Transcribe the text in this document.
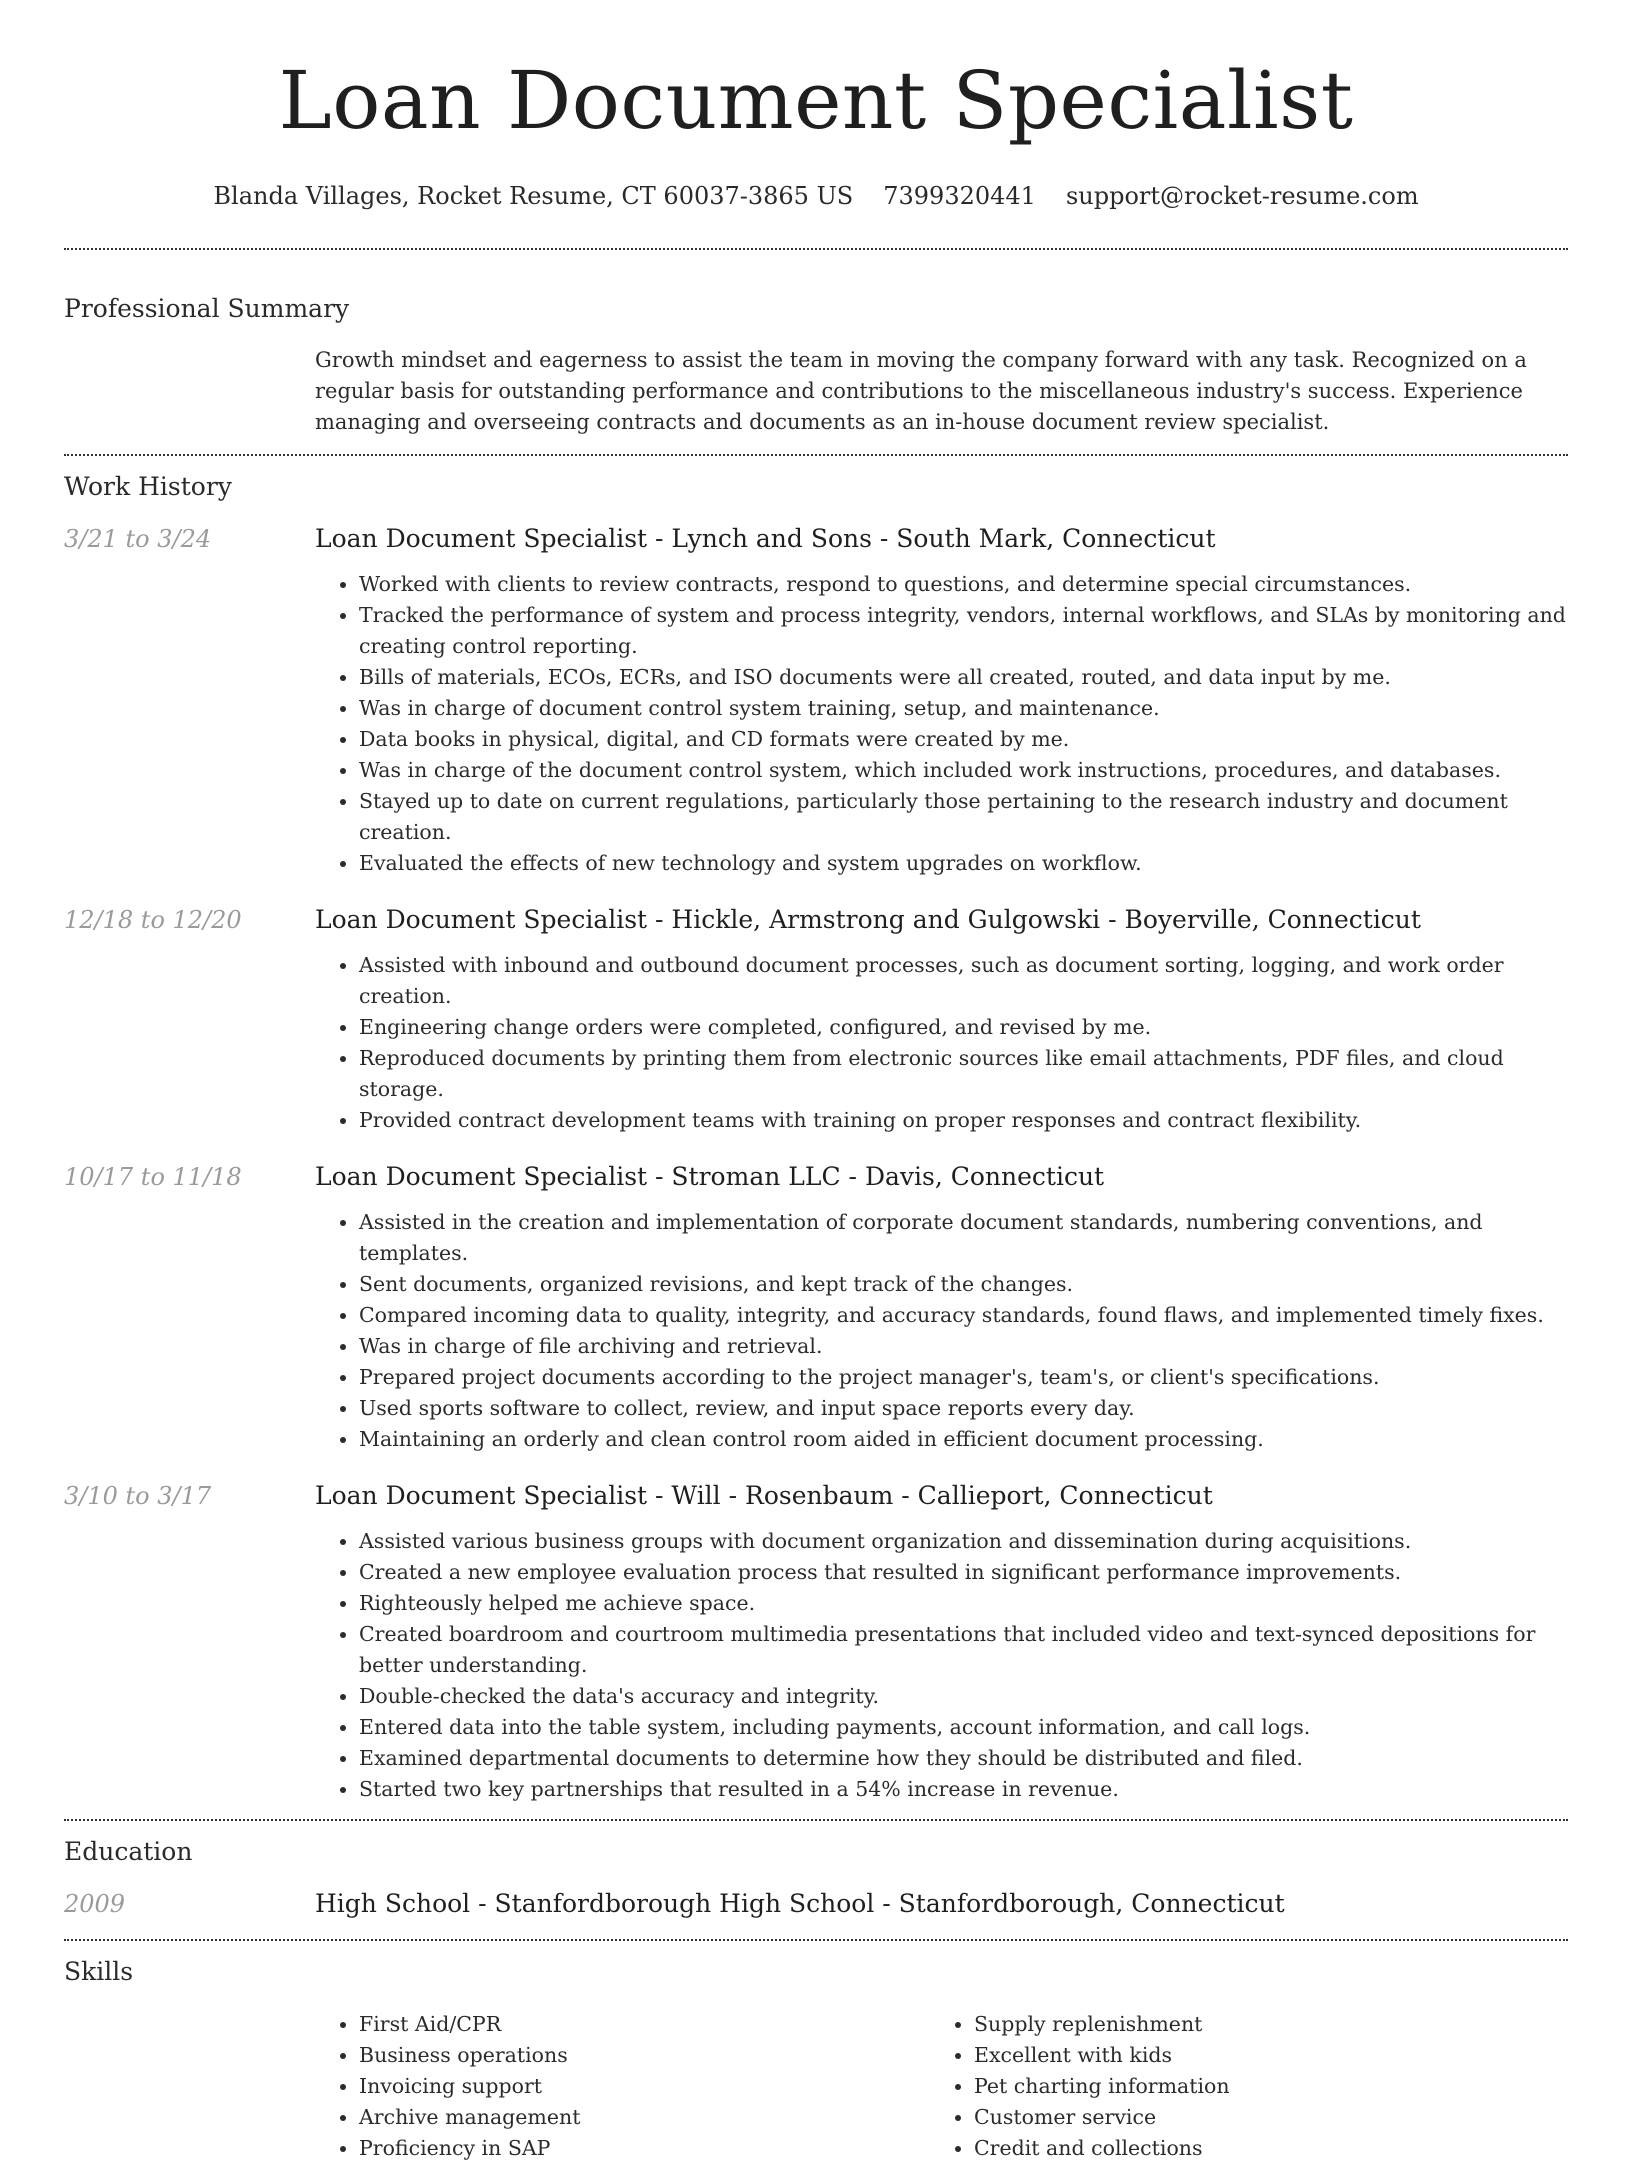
Loan Document Specialist
Blanda Villages, Rocket Resume, CT 60037-3865 US 7399320441 support@rocket-resume.com
Professional Summary

Growth mindset and eagerness to assist the team in moving the company forward with any task. Recognized on a regular basis for outstanding performance and contributions to the miscellaneous industry's success. Experience managing and overseeing contracts and documents as an in-house document review specialist.

Work History
3/21 to 3/24	Loan Document Specialist - Lynch and Sons - South Mark, Connecticut
• Worked with clients to review contracts, respond to questions, and determine special circumstances.
• Tracked the performance of system and process integrity, vendors, internal workflows, and SLAs by monitoring and creating control reporting.
• Bills of materials, ECOs, ECRs, and ISO documents were all created, routed, and data input by me.
• Was in charge of document control system training, setup, and maintenance.
• Data books in physical, digital, and CD formats were created by me.
• Was in charge of the document control system, which included work instructions, procedures, and databases.
• Stayed up to date on current regulations, particularly those pertaining to the research industry and document creation.
• Evaluated the effects of new technology and system upgrades on workflow.
12/18 to 12/20	Loan Document Specialist - Hickle, Armstrong and Gulgowski - Boyerville, Connecticut
• Assisted with inbound and outbound document processes, such as document sorting, logging, and work order creation.
• Engineering change orders were completed, configured, and revised by me.
• Reproduced documents by printing them from electronic sources like email attachments, PDF files, and cloud storage.
• Provided contract development teams with training on proper responses and contract flexibility.
10/17 to 11/18	Loan Document Specialist - Stroman LLC - Davis, Connecticut
• Assisted in the creation and implementation of corporate document standards, numbering conventions, and templates.
• Sent documents, organized revisions, and kept track of the changes.
• Compared incoming data to quality, integrity, and accuracy standards, found flaws, and implemented timely fixes.
• Was in charge of file archiving and retrieval.
• Prepared project documents according to the project manager's, team's, or client's specifications.
• Used sports software to collect, review, and input space reports every day.
• Maintaining an orderly and clean control room aided in efficient document processing.
3/10 to 3/17	Loan Document Specialist - Will - Rosenbaum - Callieport, Connecticut
• Assisted various business groups with document organization and dissemination during acquisitions.
• Created a new employee evaluation process that resulted in significant performance improvements.
• Righteously helped me achieve space.
• Created boardroom and courtroom multimedia presentations that included video and text-synced depositions for better understanding.
• Double-checked the data's accuracy and integrity.
• Entered data into the table system, including payments, account information, and call logs.
• Examined departmental documents to determine how they should be distributed and filed.
• Started two key partnerships that resulted in a 54% increase in revenue.
Education
2009	High School - Stanfordborough High School - Stanfordborough, Connecticut
Skills
• First Aid/CPR
• Business operations
• Invoicing support
• Archive management
• Proficiency in SAP
• Supply replenishment
• Excellent with kids
• Pet charting information
• Customer service
• Credit and collections
